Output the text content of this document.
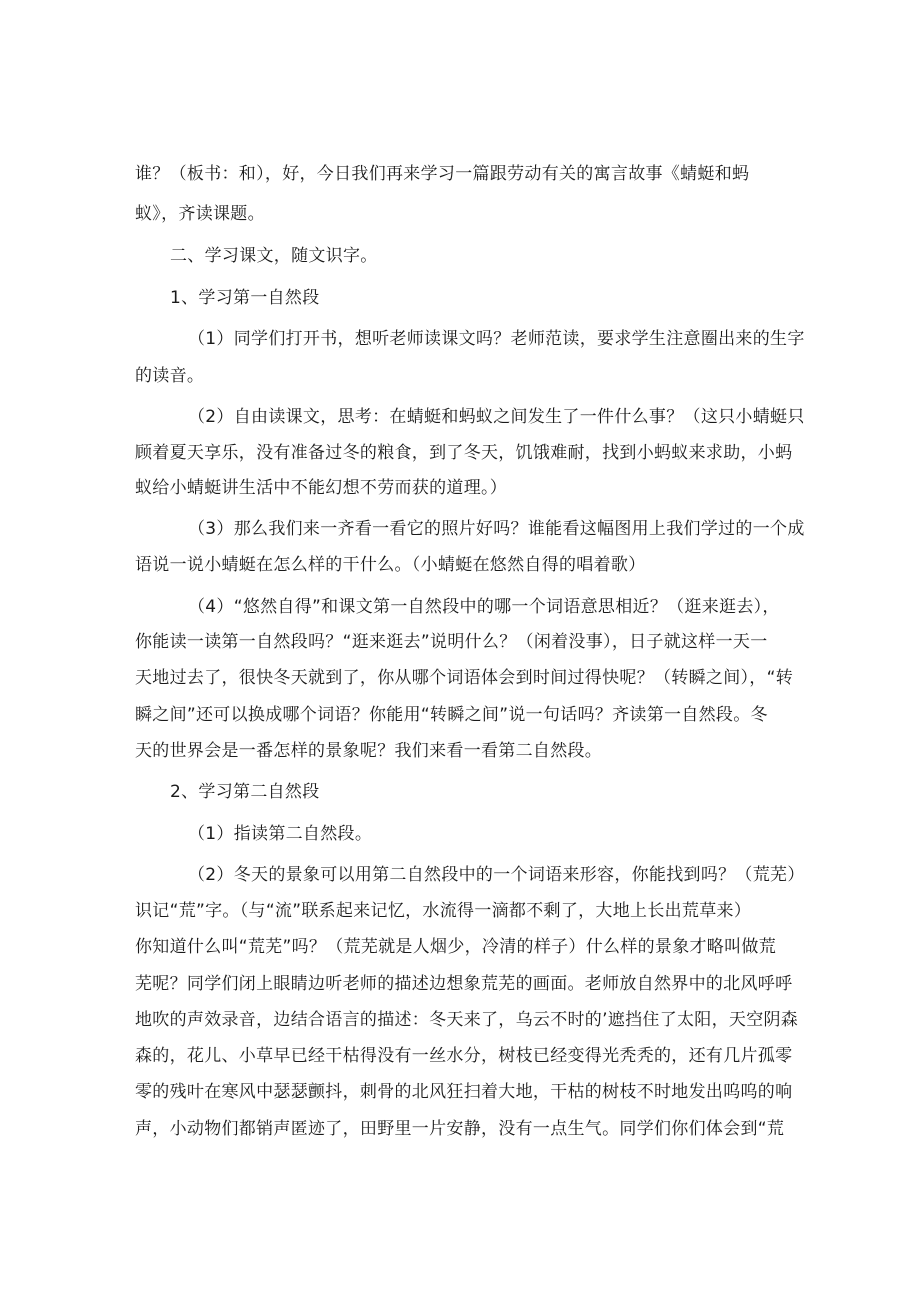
谁？（板书：和），好，今日我们再来学习一篇跟劳动有关的寓言故事《蜻蜓和蚂
蚁》，齐读课题。
二、学习课文，随文识字。
1、学习第一自然段
（1）同学们打开书，想听老师读课文吗？老师范读，要求学生注意圈出来的生字
的读音。
（2）自由读课文，思考：在蜻蜓和蚂蚁之间发生了一件什么事？（这只小蜻蜓只
顾着夏天享乐，没有准备过冬的粮食，到了冬天，饥饿难耐，找到小蚂蚁来求助，小蚂
蚁给小蜻蜓讲生活中不能幻想不劳而获的道理。）
（3）那么我们来一齐看一看它的照片好吗？谁能看这幅图用上我们学过的一个成
语说一说小蜻蜓在怎么样的干什么。（小蜻蜓在悠然自得的唱着歌）
（4）“悠然自得”和课文第一自然段中的哪一个词语意思相近？（逛来逛去），
你能读一读第一自然段吗？“逛来逛去”说明什么？（闲着没事），日子就这样一天一
天地过去了，很快冬天就到了，你从哪个词语体会到时间过得快呢？（转瞬之间），“转
瞬之间”还可以换成哪个词语？你能用“转瞬之间”说一句话吗？齐读第一自然段。冬
天的世界会是一番怎样的景象呢？我们来看一看第二自然段。
2、学习第二自然段
（1）指读第二自然段。
（2）冬天的景象可以用第二自然段中的一个词语来形容，你能找到吗？（荒芜）
识记“荒”字。（与“流”联系起来记忆，水流得一滴都不剩了，大地上长出荒草来）
你知道什么叫“荒芜”吗？（荒芜就是人烟少，冷清的样子）什么样的景象才略叫做荒
芜呢？同学们闭上眼睛边听老师的描述边想象荒芜的画面。老师放自然界中的北风呼呼
地吹的声效录音，边结合语言的描述：冬天来了，乌云不时的’遮挡住了太阳，天空阴森
森的，花儿、小草早已经干枯得没有一丝水分，树枝已经变得光秃秃的，还有几片孤零
零的残叶在寒风中瑟瑟颤抖，刺骨的北风狂扫着大地，干枯的树枝不时地发出呜呜的响
声，小动物们都销声匿迹了，田野里一片安静，没有一点生气。同学们你们体会到“荒
